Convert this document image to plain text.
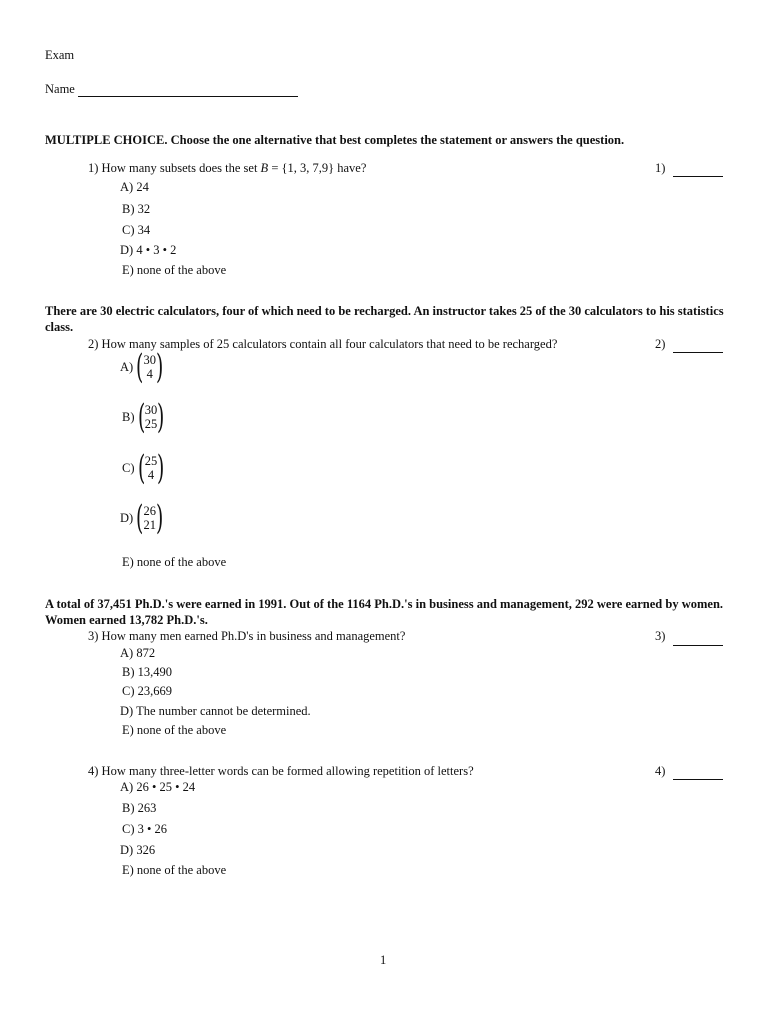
Exam
Name
MULTIPLE CHOICE. Choose the one alternative that best completes the statement or answers the question.
1) How many subsets does the set B = {1, 3, 7,9} have?	1)
A) 24
B) 32
C) 34
D) 4 • 3 • 2
E) none of the above
There are 30 electric calculators, four of which need to be recharged. An instructor takes 25 of the 30 calculators to his statistics class.
2) How many samples of 25 calculators contain all four calculators that need to be recharged?	2)
A) ( 30
4 )
B) ( 30
25 )
C) ( 25
4 )
D) ( 26
21 )
E) none of the above
A total of 37,451 Ph.D.'s were earned in 1991. Out of the 1164 Ph.D.'s in business and management, 292 were earned by women. Women earned 13,782 Ph.D.'s.
3) How many men earned Ph.D's in business and management?	3)
A) 872
B) 13,490
C) 23,669
D) The number cannot be determined.
E) none of the above
4) How many three-letter words can be formed allowing repetition of letters?	4)
A) 26 • 25 • 24
B) 263
C) 3 • 26
D) 326
E) none of the above
1
